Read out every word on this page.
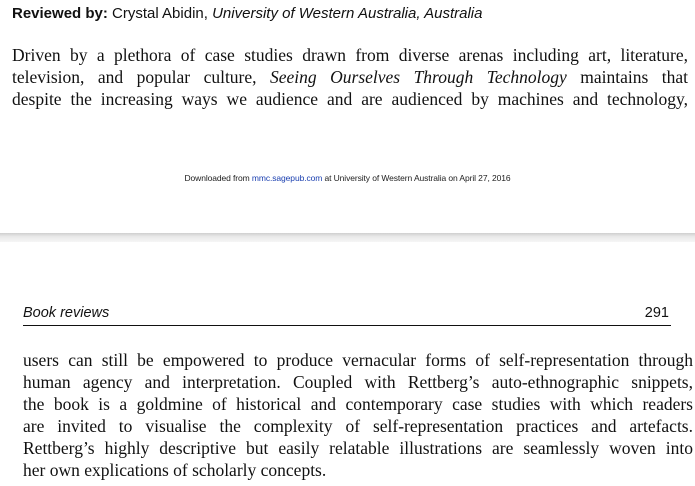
Reviewed by: Crystal Abidin, University of Western Australia, Australia
Driven by a plethora of case studies drawn from diverse arenas including art, literature,
television, and popular culture, Seeing Ourselves Through Technology maintains that
despite the increasing ways we audience and are audienced by machines and technology,
Downloaded from mmc.sagepub.com at University of Western Australia on April 27, 2016
Book reviews	291
users can still be empowered to produce vernacular forms of self-representation through
human agency and interpretation. Coupled with Rettberg’s auto-ethnographic snippets,
the book is a goldmine of historical and contemporary case studies with which readers
are invited to visualise the complexity of self-representation practices and artefacts.
Rettberg’s highly descriptive but easily relatable illustrations are seamlessly woven into
her own explications of scholarly concepts.
